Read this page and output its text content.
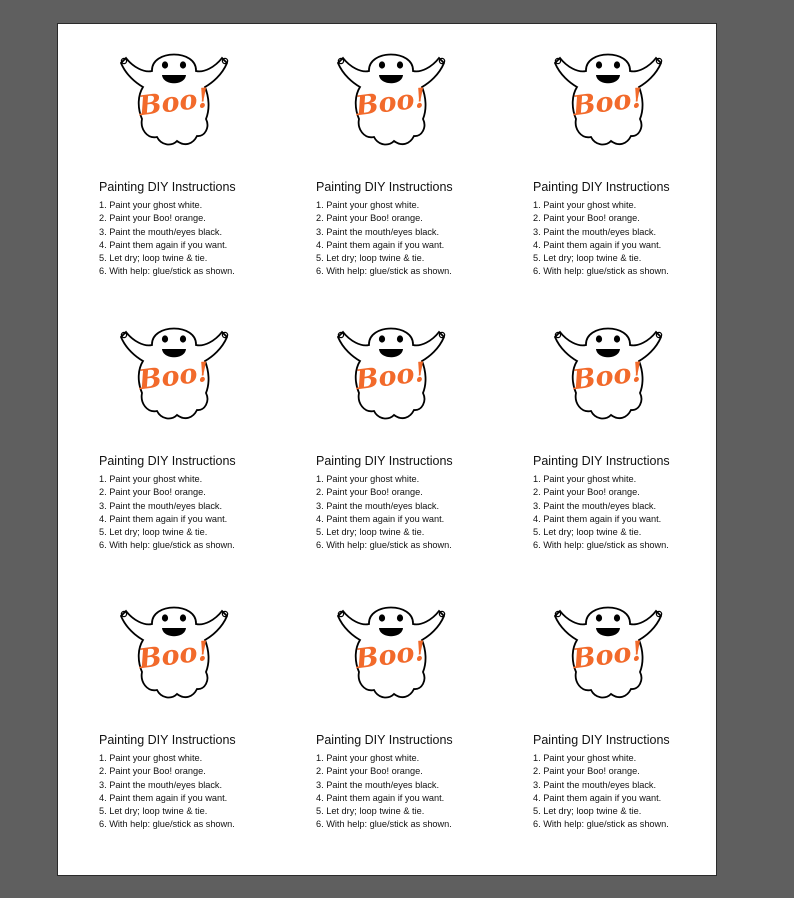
Boo!
Painting DIY Instructions
1. Paint your ghost white.
2. Paint your Boo! orange.
3. Paint the mouth/eyes black.
4. Paint them again if you want.
5. Let dry; loop twine & tie.
6. With help: glue/stick as shown.
Boo!
Painting DIY Instructions
1. Paint your ghost white.
2. Paint your Boo! orange.
3. Paint the mouth/eyes black.
4. Paint them again if you want.
5. Let dry; loop twine & tie.
6. With help: glue/stick as shown.
Boo!
Painting DIY Instructions
1. Paint your ghost white.
2. Paint your Boo! orange.
3. Paint the mouth/eyes black.
4. Paint them again if you want.
5. Let dry; loop twine & tie.
6. With help: glue/stick as shown.
Boo!
Painting DIY Instructions
1. Paint your ghost white.
2. Paint your Boo! orange.
3. Paint the mouth/eyes black.
4. Paint them again if you want.
5. Let dry; loop twine & tie.
6. With help: glue/stick as shown.
Boo!
Painting DIY Instructions
1. Paint your ghost white.
2. Paint your Boo! orange.
3. Paint the mouth/eyes black.
4. Paint them again if you want.
5. Let dry; loop twine & tie.
6. With help: glue/stick as shown.
Boo!
Painting DIY Instructions
1. Paint your ghost white.
2. Paint your Boo! orange.
3. Paint the mouth/eyes black.
4. Paint them again if you want.
5. Let dry; loop twine & tie.
6. With help: glue/stick as shown.
Boo!
Painting DIY Instructions
1. Paint your ghost white.
2. Paint your Boo! orange.
3. Paint the mouth/eyes black.
4. Paint them again if you want.
5. Let dry; loop twine & tie.
6. With help: glue/stick as shown.
Boo!
Painting DIY Instructions
1. Paint your ghost white.
2. Paint your Boo! orange.
3. Paint the mouth/eyes black.
4. Paint them again if you want.
5. Let dry; loop twine & tie.
6. With help: glue/stick as shown.
Boo!
Painting DIY Instructions
1. Paint your ghost white.
2. Paint your Boo! orange.
3. Paint the mouth/eyes black.
4. Paint them again if you want.
5. Let dry; loop twine & tie.
6. With help: glue/stick as shown.
